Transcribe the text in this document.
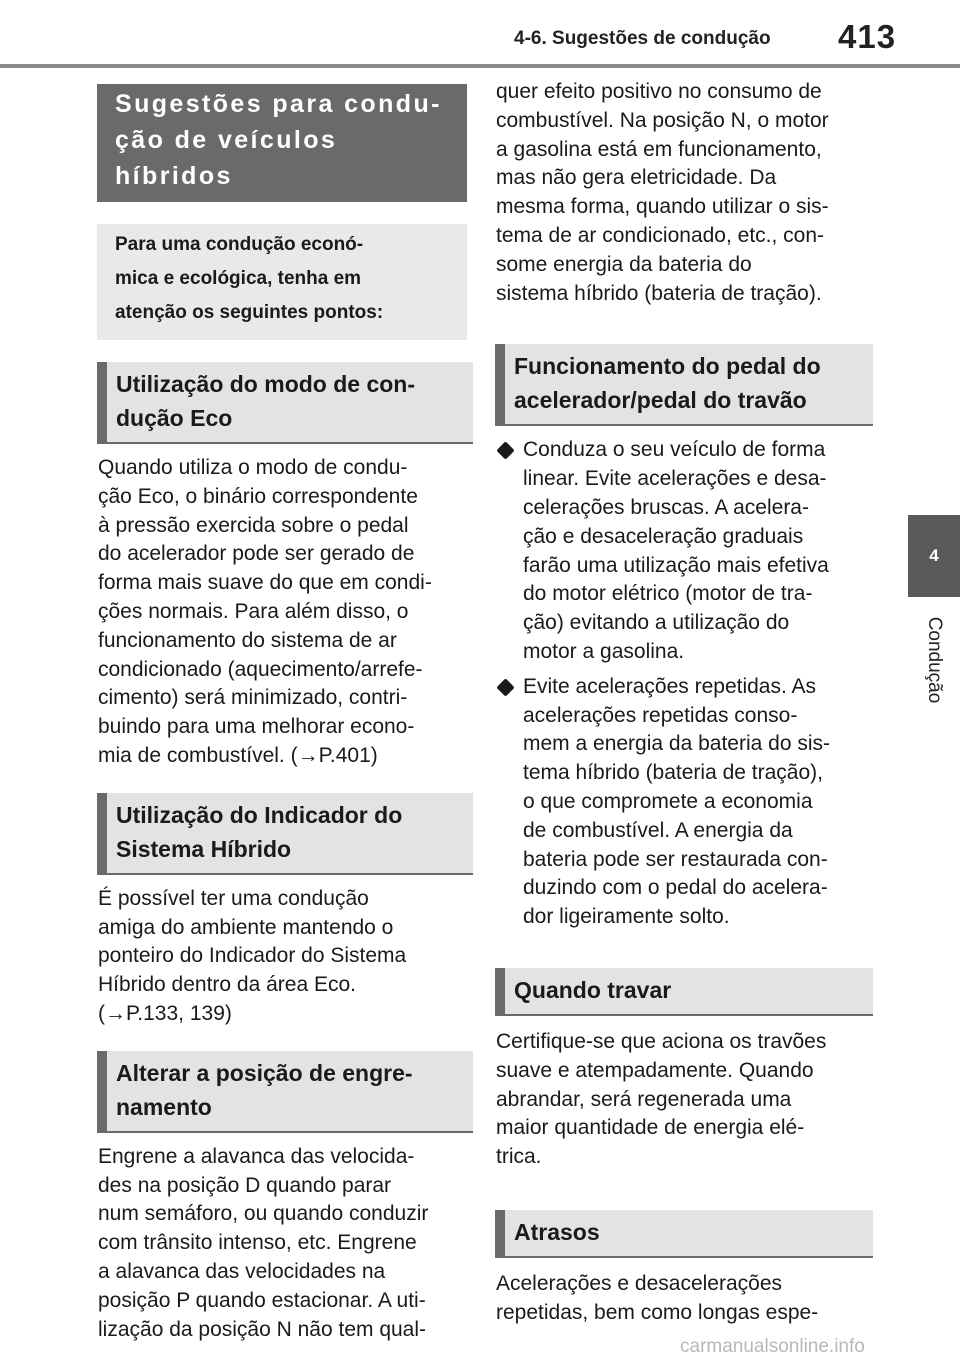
4-6. Sugestões de condução 413
4
Condução
Sugestões para condu-
ção de veículos híbridos
Para uma condução econó-
mica e ecológica, tenha em
atenção os seguintes pontos:
Utilização do modo de con-
dução Eco
Quando utiliza o modo de condu-
ção Eco, o binário correspondente
à pressão exercida sobre o pedal
do acelerador pode ser gerado de
forma mais suave do que em condi-
ções normais. Para além disso, o
funcionamento do sistema de ar
condicionado (aquecimento/arrefe-
cimento) será minimizado, contri-
buindo para uma melhorar econo-
mia de combustível. (→P.401)
Utilização do Indicador do
Sistema Híbrido
É possível ter uma condução
amiga do ambiente mantendo o
ponteiro do Indicador do Sistema
Híbrido dentro da área Eco.
(→P.133, 139)
Alterar a posição de engre-
namento
Engrene a alavanca das velocida-
des na posição D quando parar
num semáforo, ou quando conduzir
com trânsito intenso, etc. Engrene
a alavanca das velocidades na
posição P quando estacionar. A uti-
lização da posição N não tem qual-
quer efeito positivo no consumo de
combustível. Na posição N, o motor
a gasolina está em funcionamento,
mas não gera eletricidade. Da
mesma forma, quando utilizar o sis-
tema de ar condicionado, etc., con-
some energia da bateria do
sistema híbrido (bateria de tração).
Funcionamento do pedal do
acelerador/pedal do travão
Conduza o seu veículo de forma
linear. Evite acelerações e desa-
celerações bruscas. A acelera-
ção e desaceleração graduais
farão uma utilização mais efetiva
do motor elétrico (motor de tra-
ção) evitando a utilização do
motor a gasolina.
Evite acelerações repetidas. As
acelerações repetidas conso-
mem a energia da bateria do sis-
tema híbrido (bateria de tração),
o que compromete a economia
de combustível. A energia da
bateria pode ser restaurada con-
duzindo com o pedal do acelera-
dor ligeiramente solto.
Quando travar
Certifique-se que aciona os travões
suave e atempadamente. Quando
abrandar, será regenerada uma
maior quantidade de energia elé-
trica.
Atrasos
Acelerações e desacelerações
repetidas, bem como longas espe-
carmanualsonline.info
